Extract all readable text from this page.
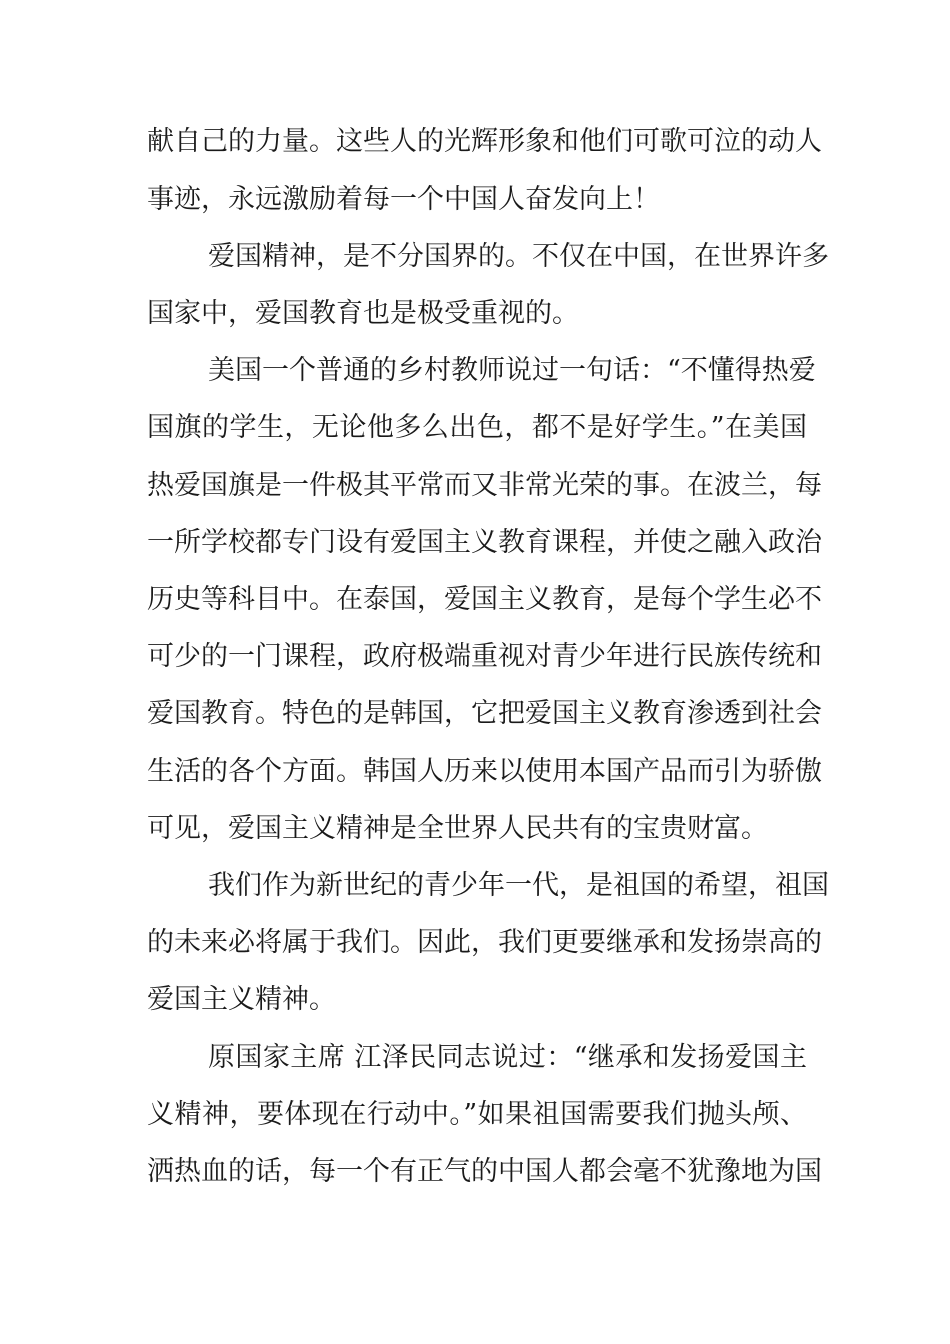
献自己的力量。这些人的光辉形象和他们可歌可泣的动人
事迹，永远激励着每一个中国人奋发向上！
爱国精神，是不分国界的。不仅在中国，在世界许多
国家中，爱国教育也是极受重视的。
美国一个普通的乡村教师说过一句话：“不懂得热爱
国旗的学生，无论他多么出色，都不是好学生。”在美国
热爱国旗是一件极其平常而又非常光荣的事。在波兰，每
一所学校都专门设有爱国主义教育课程，并使之融入政治
历史等科目中。在泰国，爱国主义教育，是每个学生必不
可少的一门课程，政府极端重视对青少年进行民族传统和
爱国教育。特色的是韩国，它把爱国主义教育渗透到社会
生活的各个方面。韩国人历来以使用本国产品而引为骄傲
可见，爱国主义精神是全世界人民共有的宝贵财富。
我们作为新世纪的青少年一代，是祖国的希望，祖国
的未来必将属于我们。因此，我们更要继承和发扬崇高的
爱国主义精神。
原国家主席 江泽民同志说过：“继承和发扬爱国主
义精神，要体现在行动中。”如果祖国需要我们抛头颅、
洒热血的话，每一个有正气的中国人都会毫不犹豫地为国
